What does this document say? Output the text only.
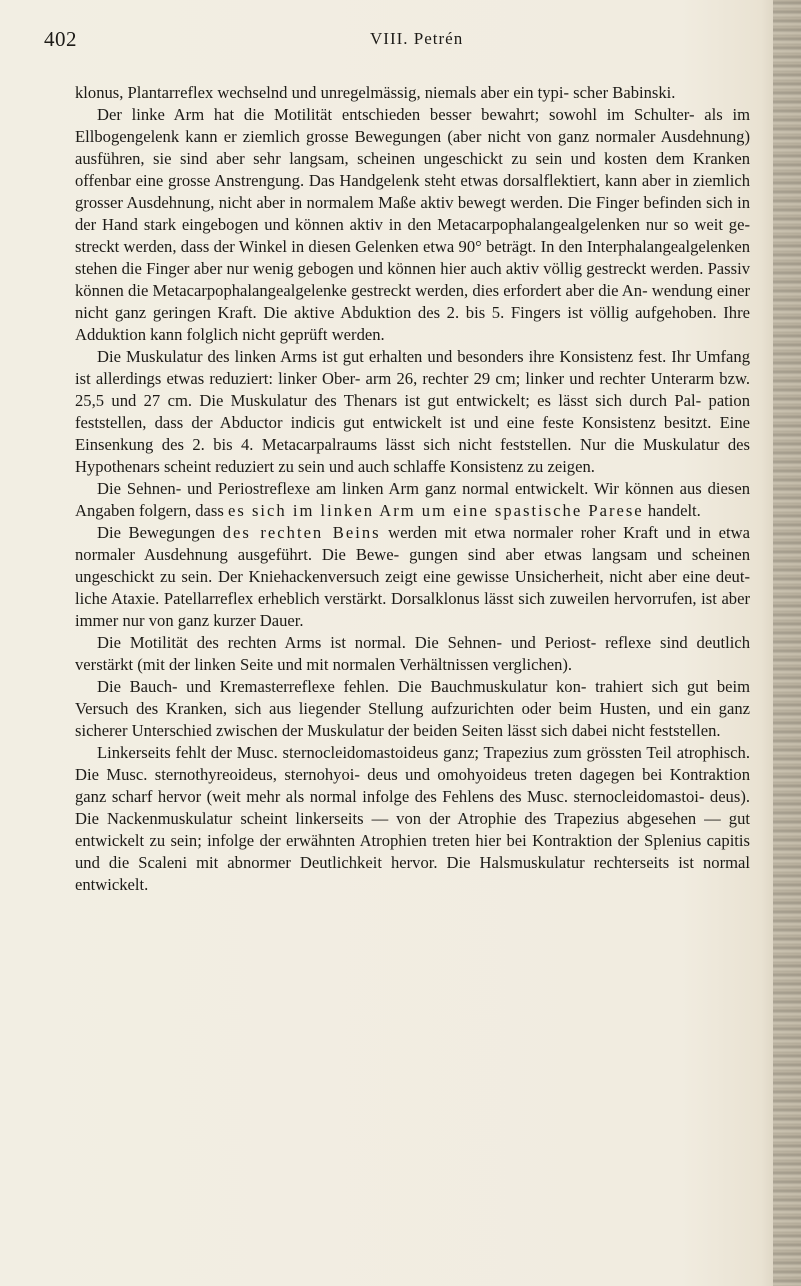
402	VIII. Petrén

klonus, Plantarreflex wechselnd und unregelmässig, niemals aber ein typi- scher Babinski.

Der linke Arm hat die Motilität entschieden besser bewahrt; sowohl im Schulter- als im Ellbogengelenk kann er ziemlich grosse Bewegungen (aber nicht von ganz normaler Ausdehnung) ausführen, sie sind aber sehr langsam, scheinen ungeschickt zu sein und kosten dem Kranken offenbar eine grosse Anstrengung. Das Handgelenk steht etwas dorsalflektiert, kann aber in ziemlich grosser Ausdehnung, nicht aber in normalem Maße aktiv bewegt werden. Die Finger befinden sich in der Hand stark eingebogen und können aktiv in den Metacarpophalangealgelenken nur so weit ge- streckt werden, dass der Winkel in diesen Gelenken etwa 90° beträgt. In den Interphalangealgelenken stehen die Finger aber nur wenig gebogen und können hier auch aktiv völlig gestreckt werden. Passiv können die Metacarpophalangealgelenke gestreckt werden, dies erfordert aber die An- wendung einer nicht ganz geringen Kraft. Die aktive Abduktion des 2. bis 5. Fingers ist völlig aufgehoben. Ihre Adduktion kann folglich nicht geprüft werden.

Die Muskulatur des linken Arms ist gut erhalten und besonders ihre Konsistenz fest. Ihr Umfang ist allerdings etwas reduziert: linker Ober- arm 26, rechter 29 cm; linker und rechter Unterarm bzw. 25,5 und 27 cm. Die Muskulatur des Thenars ist gut entwickelt; es lässt sich durch Pal- pation feststellen, dass der Abductor indicis gut entwickelt ist und eine feste Konsistenz besitzt. Eine Einsenkung des 2. bis 4. Metacarpalraums lässt sich nicht feststellen. Nur die Muskulatur des Hypothenars scheint reduziert zu sein und auch schlaffe Konsistenz zu zeigen.

Die Sehnen- und Periostreflexe am linken Arm ganz normal entwickelt. Wir können aus diesen Angaben folgern, dass es sich im linken Arm um eine spastische Parese handelt.

Die Bewegungen des rechten Beins werden mit etwa normaler roher Kraft und in etwa normaler Ausdehnung ausgeführt. Die Bewe- gungen sind aber etwas langsam und scheinen ungeschickt zu sein. Der Kniehackenversuch zeigt eine gewisse Unsicherheit, nicht aber eine deut- liche Ataxie. Patellarreflex erheblich verstärkt. Dorsalklonus lässt sich zuweilen hervorrufen, ist aber immer nur von ganz kurzer Dauer.

Die Motilität des rechten Arms ist normal. Die Sehnen- und Periost- reflexe sind deutlich verstärkt (mit der linken Seite und mit normalen Verhältnissen verglichen).

Die Bauch- und Kremasterreflexe fehlen. Die Bauchmuskulatur kon- trahiert sich gut beim Versuch des Kranken, sich aus liegender Stellung aufzurichten oder beim Husten, und ein ganz sicherer Unterschied zwischen der Muskulatur der beiden Seiten lässt sich dabei nicht feststellen.

Linkerseits fehlt der Musc. sternocleidomastoideus ganz; Trapezius zum grössten Teil atrophisch. Die Musc. sternothyreoideus, sternohyoi- deus und omohyoideus treten dagegen bei Kontraktion ganz scharf hervor (weit mehr als normal infolge des Fehlens des Musc. sternocleidomastoi- deus). Die Nackenmuskulatur scheint linkerseits — von der Atrophie des Trapezius abgesehen — gut entwickelt zu sein; infolge der erwähnten Atrophien treten hier bei Kontraktion der Splenius capitis und die Scaleni mit abnormer Deutlichkeit hervor. Die Halsmuskulatur rechterseits ist normal entwickelt.
